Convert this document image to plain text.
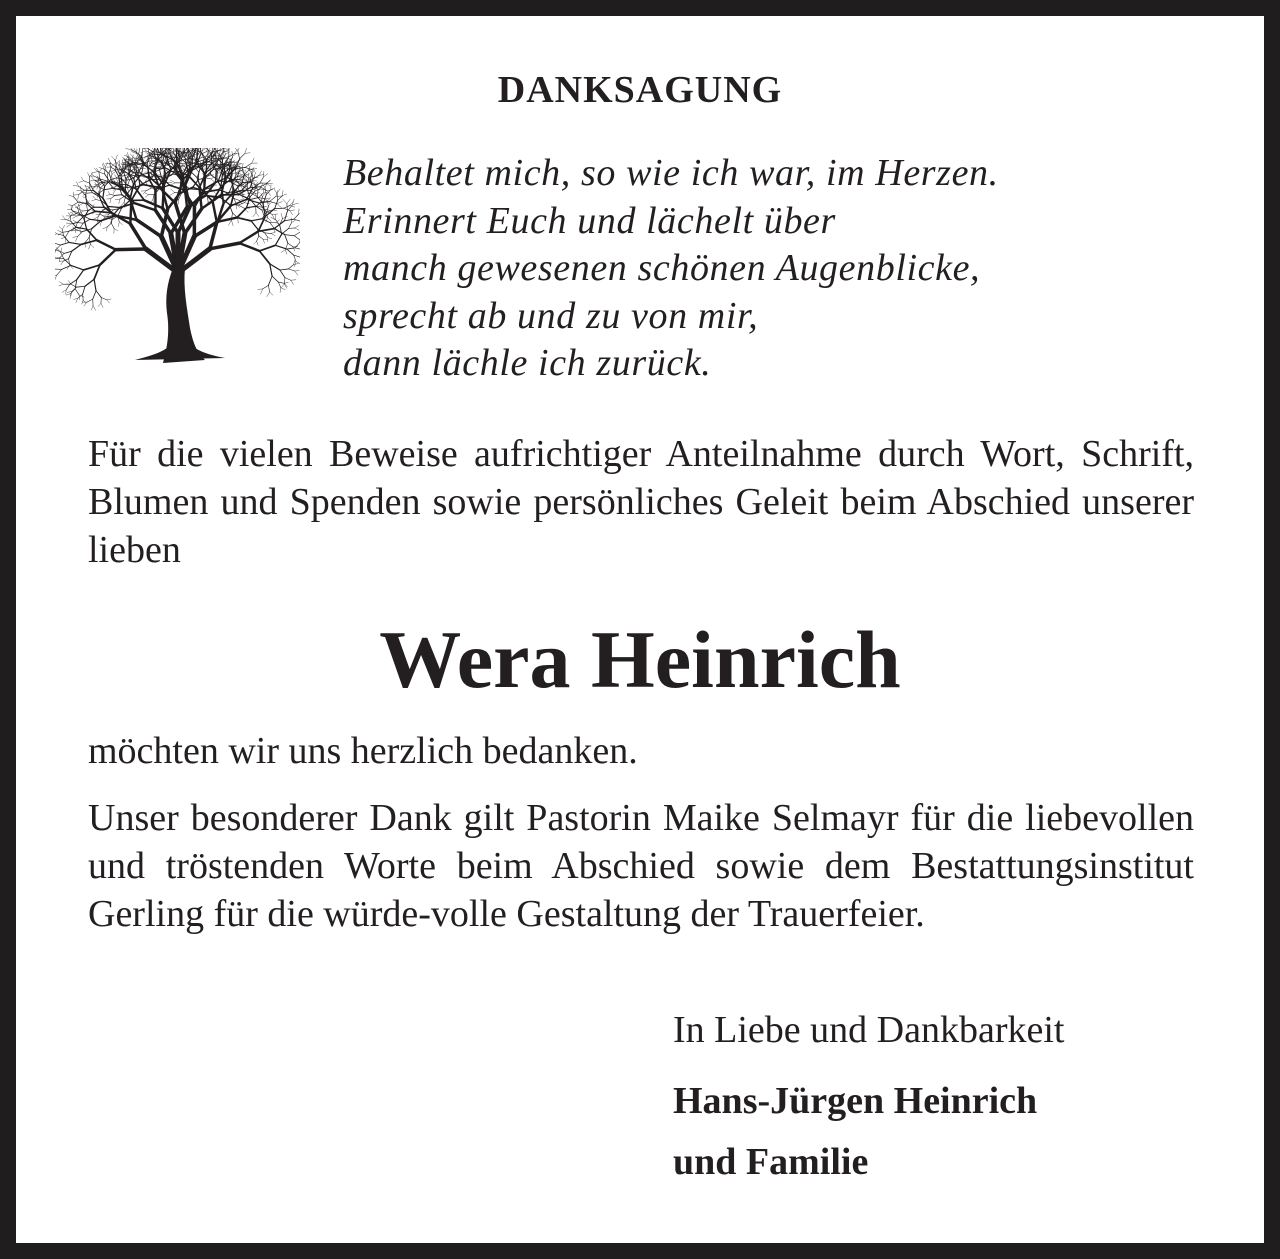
DANKSAGUNG
Behaltet mich, so wie ich war, im Herzen.
Erinnert Euch und lächelt über
manch gewesenen schönen Augenblicke,
sprecht ab und zu von mir,
dann lächle ich zurück.
Für die vielen Beweise aufrichtiger Anteilnahme durch Wort, Schrift, Blumen und Spenden sowie persönliches Geleit beim Abschied unserer lieben
Wera Heinrich
möchten wir uns herzlich bedanken.
Unser besonderer Dank gilt Pastorin Maike Selmayr für die liebevollen und tröstenden Worte beim Abschied sowie dem Bestattungsinstitut Gerling für die würde-volle Gestaltung der Trauerfeier.
In Liebe und Dankbarkeit
Hans-Jürgen Heinrich
und Familie
